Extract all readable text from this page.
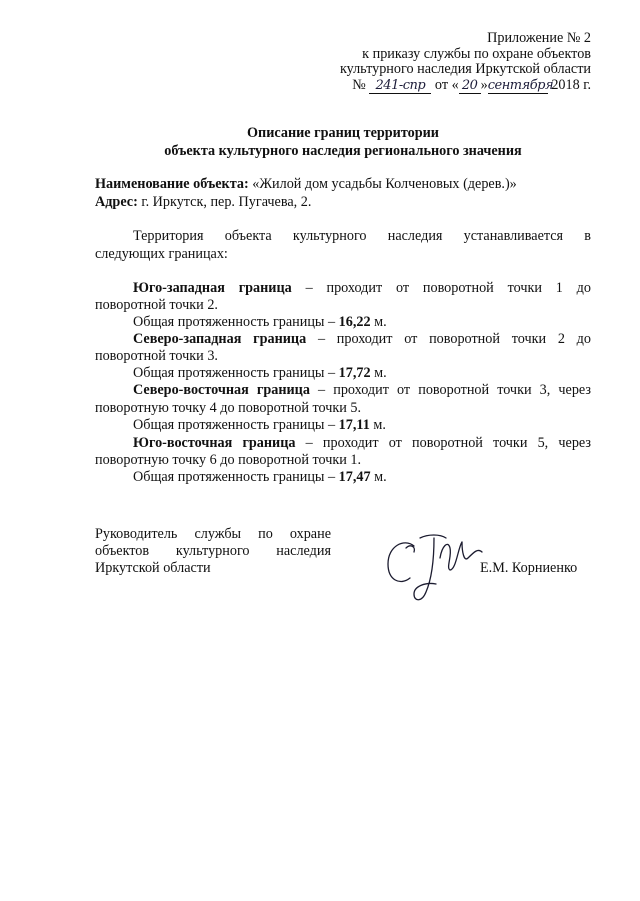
Приложение № 2
к приказу службы по охране объектов
культурного наследия Иркутской области
№ 241-спр от « 20 »сентября 2018 г.
Описание границ территории
объекта культурного наследия регионального значения
Наименование объекта: «Жилой дом усадьбы Колченовых (дерев.)»
Адрес: г. Иркутск, пер. Пугачева, 2.
Территория объекта культурного наследия устанавливается в
следующих границах:
Юго-западная граница – проходит от поворотной точки 1 до
поворотной точки 2.
Общая протяженность границы – 16,22 м.
Северо-западная граница – проходит от поворотной точки 2 до
поворотной точки 3.
Общая протяженность границы – 17,72 м.
Северо-восточная граница – проходит от поворотной точки 3, через
поворотную точку 4 до поворотной точки 5.
Общая протяженность границы – 17,11 м.
Юго-восточная граница – проходит от поворотной точки 5, через
поворотную точку 6 до поворотной точки 1.
Общая протяженность границы – 17,47 м.
Руководитель службы по охране
объектов культурного наследия
Иркутской области	Е.М. Корниенко
